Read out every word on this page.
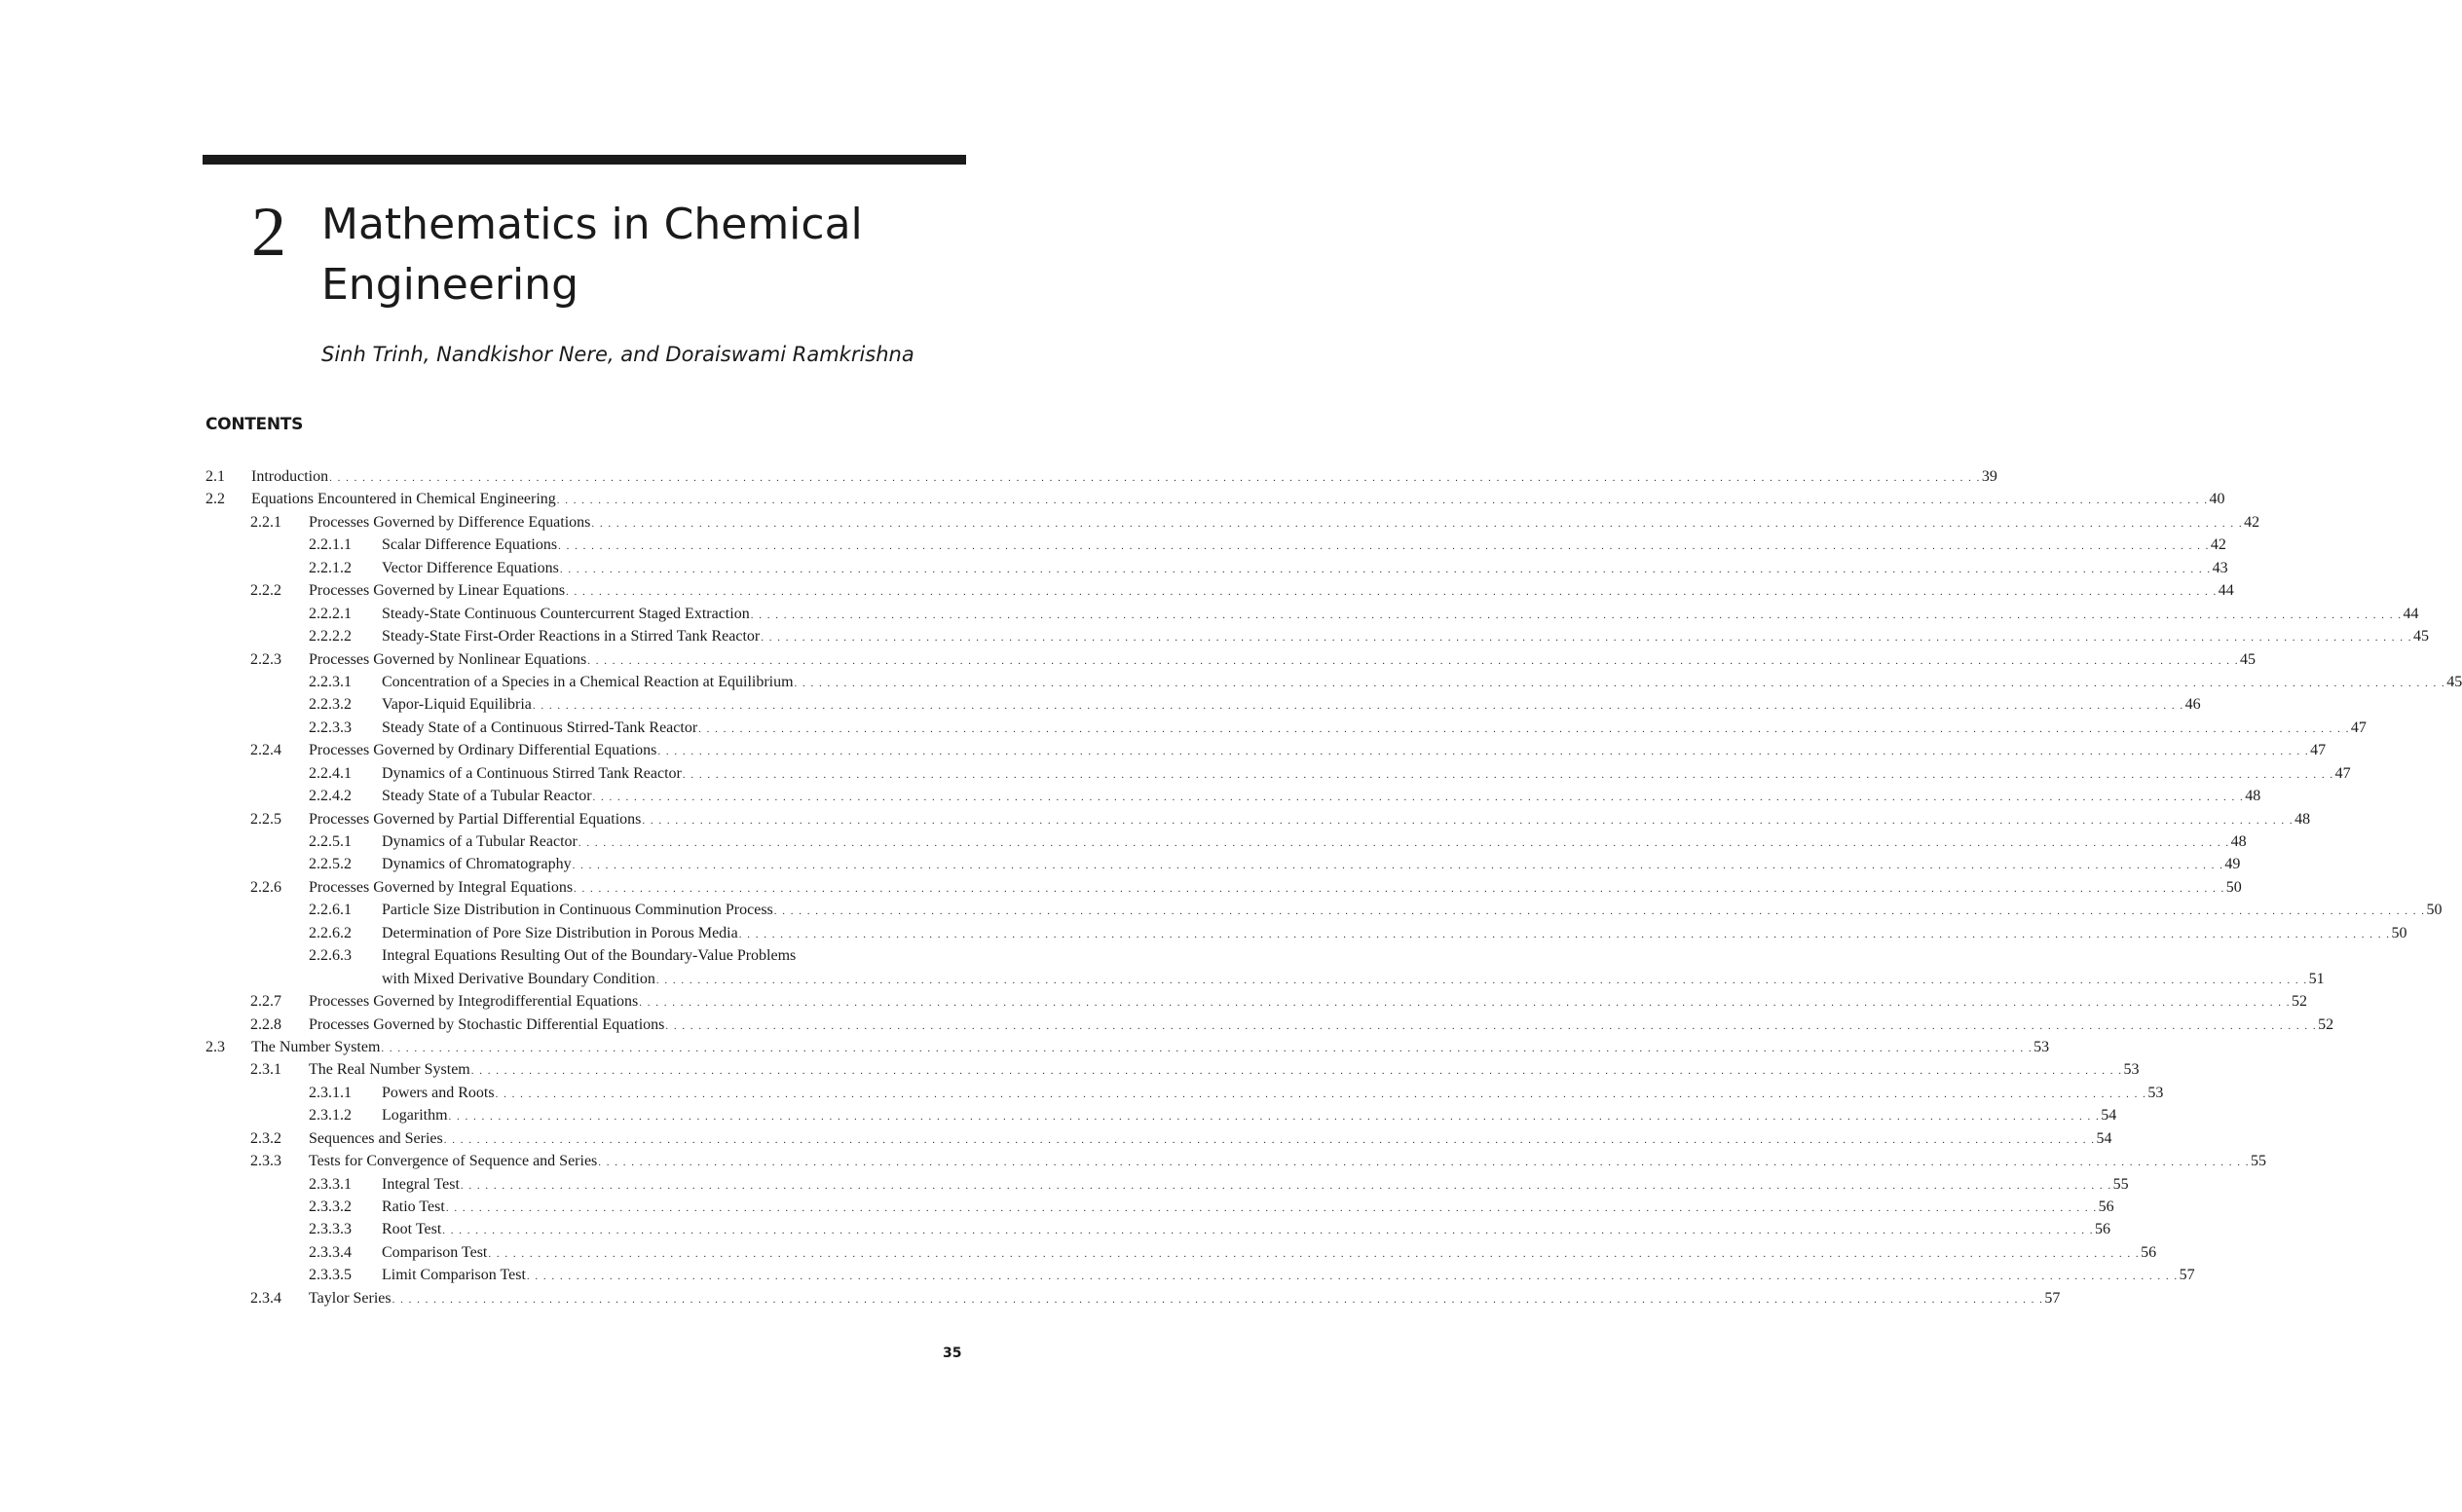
2 Mathematics in Chemical
Engineering
Sinh Trinh, Nandkishor Nere, and Doraiswami Ramkrishna
CONTENTS
2.1 Introduction . . . . . . . . . . . . . . . . . . . . . . . . . . . . . . . . . . . . . . . . . . . . . . . . . . . . . . . . . . . . . . . . . . . . . . . . . . . . . . . . . . . . . . . . . . . . . . . . . . . . . . . . . . . . . . . . . . . . . . . . . . . . . . . . . . . . . . . . . . . . . . . . . . . . . . . . . . . . . . . . . . . . . . . . . . . . . . . . . . . . . . . . . . . . . . . . . . . . . . . . 39
2.2 Equations Encountered in Chemical Engineering . . . . . . . . . . . . . . . . . . . . . . . . . . . . . . . . . . . . . . . . . . . . . . . . . . . . . . . . . . . . . . . . . . . . . . . . . . . . . . . . . . . . . . . . . . . . . . . . . . . . . . . . . . . . . . . . . . . . . . . . . . . . . . . . . . . . . . . . . . . . . . . . . . . . . . . . . . . . . . . . . . . . . . . . . . . . . . . . . . . . . . . . . . . . . . . . . . . . . . . . 40
2.2.1 Processes Governed by Difference Equations . . . . . . . . . . . . . . . . . . . . . . . . . . . . . . . . . . . . . . . . . . . . . . . . . . . . . . . . . . . . . . . . . . . . . . . . . . . . . . . . . . . . . . . . . . . . . . . . . . . . . . . . . . . . . . . . . . . . . . . . . . . . . . . . . . . . . . . . . . . . . . . . . . . . . . . . . . . . . . . . . . . . . . . . . . . . . . . . . . . . . . . . . . . . . . . . . . . . . . . . 42
2.2.1.1 Scalar Difference Equations . . . . . . . . . . . . . . . . . . . . . . . . . . . . . . . . . . . . . . . . . . . . . . . . . . . . . . . . . . . . . . . . . . . . . . . . . . . . . . . . . . . . . . . . . . . . . . . . . . . . . . . . . . . . . . . . . . . . . . . . . . . . . . . . . . . . . . . . . . . . . . . . . . . . . . . . . . . . . . . . . . . . . . . . . . . . . . . . . . . . . . . . . . . . . . . . . . . . . . . . 42
2.2.1.2 Vector Difference Equations . . . . . . . . . . . . . . . . . . . . . . . . . . . . . . . . . . . . . . . . . . . . . . . . . . . . . . . . . . . . . . . . . . . . . . . . . . . . . . . . . . . . . . . . . . . . . . . . . . . . . . . . . . . . . . . . . . . . . . . . . . . . . . . . . . . . . . . . . . . . . . . . . . . . . . . . . . . . . . . . . . . . . . . . . . . . . . . . . . . . . . . . . . . . . . . . . . . . . . . . 43
2.2.2 Processes Governed by Linear Equations . . . . . . . . . . . . . . . . . . . . . . . . . . . . . . . . . . . . . . . . . . . . . . . . . . . . . . . . . . . . . . . . . . . . . . . . . . . . . . . . . . . . . . . . . . . . . . . . . . . . . . . . . . . . . . . . . . . . . . . . . . . . . . . . . . . . . . . . . . . . . . . . . . . . . . . . . . . . . . . . . . . . . . . . . . . . . . . . . . . . . . . . . . . . . . . . . . . . . . . . 44
2.2.2.1 Steady-State Continuous Countercurrent Staged Extraction . . . . . . . . . . . . . . . . . . . . . . . . . . . . . . . . . . . . . . . . . . . . . . . . . . . . . . . . . . . . . . . . . . . . . . . . . . . . . . . . . . . . . . . . . . . . . . . . . . . . . . . . . . . . . . . . . . . . . . . . . . . . . . . . . . . . . . . . . . . . . . . . . . . . . . . . . . . . . . . . . . . . . . . . . . . . . . . . . . . . . . . . . . . . . . . . . . . . . . . . 44
2.2.2.2 Steady-State First-Order Reactions in a Stirred Tank Reactor . . . . . . . . . . . . . . . . . . . . . . . . . . . . . . . . . . . . . . . . . . . . . . . . . . . . . . . . . . . . . . . . . . . . . . . . . . . . . . . . . . . . . . . . . . . . . . . . . . . . . . . . . . . . . . . . . . . . . . . . . . . . . . . . . . . . . . . . . . . . . . . . . . . . . . . . . . . . . . . . . . . . . . . . . . . . . . . . . . . . . . . . . . . . . . . . . . . . . . . . 45
2.2.3 Processes Governed by Nonlinear Equations . . . . . . . . . . . . . . . . . . . . . . . . . . . . . . . . . . . . . . . . . . . . . . . . . . . . . . . . . . . . . . . . . . . . . . . . . . . . . . . . . . . . . . . . . . . . . . . . . . . . . . . . . . . . . . . . . . . . . . . . . . . . . . . . . . . . . . . . . . . . . . . . . . . . . . . . . . . . . . . . . . . . . . . . . . . . . . . . . . . . . . . . . . . . . . . . . . . . . . . . 45
2.2.3.1 Concentration of a Species in a Chemical Reaction at Equilibrium . . . . . . . . . . . . . . . . . . . . . . . . . . . . . . . . . . . . . . . . . . . . . . . . . . . . . . . . . . . . . . . . . . . . . . . . . . . . . . . . . . . . . . . . . . . . . . . . . . . . . . . . . . . . . . . . . . . . . . . . . . . . . . . . . . . . . . . . . . . . . . . . . . . . . . . . . . . . . . . . . . . . . . . . . . . . . . . . . . . . . . . . . . . . . . . . . . . . . . . . 45
2.2.3.2 Vapor-Liquid Equilibria . . . . . . . . . . . . . . . . . . . . . . . . . . . . . . . . . . . . . . . . . . . . . . . . . . . . . . . . . . . . . . . . . . . . . . . . . . . . . . . . . . . . . . . . . . . . . . . . . . . . . . . . . . . . . . . . . . . . . . . . . . . . . . . . . . . . . . . . . . . . . . . . . . . . . . . . . . . . . . . . . . . . . . . . . . . . . . . . . . . . . . . . . . . . . . . . . . . . . . . . 46
2.2.3.3 Steady State of a Continuous Stirred-Tank Reactor . . . . . . . . . . . . . . . . . . . . . . . . . . . . . . . . . . . . . . . . . . . . . . . . . . . . . . . . . . . . . . . . . . . . . . . . . . . . . . . . . . . . . . . . . . . . . . . . . . . . . . . . . . . . . . . . . . . . . . . . . . . . . . . . . . . . . . . . . . . . . . . . . . . . . . . . . . . . . . . . . . . . . . . . . . . . . . . . . . . . . . . . . . . . . . . . . . . . . . . . 47
2.2.4 Processes Governed by Ordinary Differential Equations . . . . . . . . . . . . . . . . . . . . . . . . . . . . . . . . . . . . . . . . . . . . . . . . . . . . . . . . . . . . . . . . . . . . . . . . . . . . . . . . . . . . . . . . . . . . . . . . . . . . . . . . . . . . . . . . . . . . . . . . . . . . . . . . . . . . . . . . . . . . . . . . . . . . . . . . . . . . . . . . . . . . . . . . . . . . . . . . . . . . . . . . . . . . . . . . . . . . . . . . 47
2.2.4.1 Dynamics of a Continuous Stirred Tank Reactor . . . . . . . . . . . . . . . . . . . . . . . . . . . . . . . . . . . . . . . . . . . . . . . . . . . . . . . . . . . . . . . . . . . . . . . . . . . . . . . . . . . . . . . . . . . . . . . . . . . . . . . . . . . . . . . . . . . . . . . . . . . . . . . . . . . . . . . . . . . . . . . . . . . . . . . . . . . . . . . . . . . . . . . . . . . . . . . . . . . . . . . . . . . . . . . . . . . . . . . . 47
2.2.4.2 Steady State of a Tubular Reactor . . . . . . . . . . . . . . . . . . . . . . . . . . . . . . . . . . . . . . . . . . . . . . . . . . . . . . . . . . . . . . . . . . . . . . . . . . . . . . . . . . . . . . . . . . . . . . . . . . . . . . . . . . . . . . . . . . . . . . . . . . . . . . . . . . . . . . . . . . . . . . . . . . . . . . . . . . . . . . . . . . . . . . . . . . . . . . . . . . . . . . . . . . . . . . . . . . . . . . . . 48
2.2.5 Processes Governed by Partial Differential Equations . . . . . . . . . . . . . . . . . . . . . . . . . . . . . . . . . . . . . . . . . . . . . . . . . . . . . . . . . . . . . . . . . . . . . . . . . . . . . . . . . . . . . . . . . . . . . . . . . . . . . . . . . . . . . . . . . . . . . . . . . . . . . . . . . . . . . . . . . . . . . . . . . . . . . . . . . . . . . . . . . . . . . . . . . . . . . . . . . . . . . . . . . . . . . . . . . . . . . . . . 48
2.2.5.1 Dynamics of a Tubular Reactor . . . . . . . . . . . . . . . . . . . . . . . . . . . . . . . . . . . . . . . . . . . . . . . . . . . . . . . . . . . . . . . . . . . . . . . . . . . . . . . . . . . . . . . . . . . . . . . . . . . . . . . . . . . . . . . . . . . . . . . . . . . . . . . . . . . . . . . . . . . . . . . . . . . . . . . . . . . . . . . . . . . . . . . . . . . . . . . . . . . . . . . . . . . . . . . . . . . . . . . . 48
2.2.5.2 Dynamics of Chromatography . . . . . . . . . . . . . . . . . . . . . . . . . . . . . . . . . . . . . . . . . . . . . . . . . . . . . . . . . . . . . . . . . . . . . . . . . . . . . . . . . . . . . . . . . . . . . . . . . . . . . . . . . . . . . . . . . . . . . . . . . . . . . . . . . . . . . . . . . . . . . . . . . . . . . . . . . . . . . . . . . . . . . . . . . . . . . . . . . . . . . . . . . . . . . . . . . . . . . . . . 49
2.2.6 Processes Governed by Integral Equations . . . . . . . . . . . . . . . . . . . . . . . . . . . . . . . . . . . . . . . . . . . . . . . . . . . . . . . . . . . . . . . . . . . . . . . . . . . . . . . . . . . . . . . . . . . . . . . . . . . . . . . . . . . . . . . . . . . . . . . . . . . . . . . . . . . . . . . . . . . . . . . . . . . . . . . . . . . . . . . . . . . . . . . . . . . . . . . . . . . . . . . . . . . . . . . . . . . . . . . . 50
2.2.6.1 Particle Size Distribution in Continuous Comminution Process . . . . . . . . . . . . . . . . . . . . . . . . . . . . . . . . . . . . . . . . . . . . . . . . . . . . . . . . . . . . . . . . . . . . . . . . . . . . . . . . . . . . . . . . . . . . . . . . . . . . . . . . . . . . . . . . . . . . . . . . . . . . . . . . . . . . . . . . . . . . . . . . . . . . . . . . . . . . . . . . . . . . . . . . . . . . . . . . . . . . . . . . . . . . . . . . . . . . . . . . 50
2.2.6.2 Determination of Pore Size Distribution in Porous Media . . . . . . . . . . . . . . . . . . . . . . . . . . . . . . . . . . . . . . . . . . . . . . . . . . . . . . . . . . . . . . . . . . . . . . . . . . . . . . . . . . . . . . . . . . . . . . . . . . . . . . . . . . . . . . . . . . . . . . . . . . . . . . . . . . . . . . . . . . . . . . . . . . . . . . . . . . . . . . . . . . . . . . . . . . . . . . . . . . . . . . . . . . . . . . . . . . . . . . . . 50
2.2.6.3 Integral Equations Resulting Out of the Boundary-Value Problems
with Mixed Derivative Boundary Condition . . . . . . . . . . . . . . . . . . . . . . . . . . . . . . . . . . . . . . . . . . . . . . . . . . . . . . . . . . . . . . . . . . . . . . . . . . . . . . . . . . . . . . . . . . . . . . . . . . . . . . . . . . . . . . . . . . . . . . . . . . . . . . . . . . . . . . . . . . . . . . . . . . . . . . . . . . . . . . . . . . . . . . . . . . . . . . . . . . . . . . . . . . . . . . . . . . . . . . . . 51
2.2.7 Processes Governed by Integrodifferential Equations . . . . . . . . . . . . . . . . . . . . . . . . . . . . . . . . . . . . . . . . . . . . . . . . . . . . . . . . . . . . . . . . . . . . . . . . . . . . . . . . . . . . . . . . . . . . . . . . . . . . . . . . . . . . . . . . . . . . . . . . . . . . . . . . . . . . . . . . . . . . . . . . . . . . . . . . . . . . . . . . . . . . . . . . . . . . . . . . . . . . . . . . . . . . . . . . . . . . . . . . 52
2.2.8 Processes Governed by Stochastic Differential Equations . . . . . . . . . . . . . . . . . . . . . . . . . . . . . . . . . . . . . . . . . . . . . . . . . . . . . . . . . . . . . . . . . . . . . . . . . . . . . . . . . . . . . . . . . . . . . . . . . . . . . . . . . . . . . . . . . . . . . . . . . . . . . . . . . . . . . . . . . . . . . . . . . . . . . . . . . . . . . . . . . . . . . . . . . . . . . . . . . . . . . . . . . . . . . . . . . . . . . . . . 52
2.3 The Number System . . . . . . . . . . . . . . . . . . . . . . . . . . . . . . . . . . . . . . . . . . . . . . . . . . . . . . . . . . . . . . . . . . . . . . . . . . . . . . . . . . . . . . . . . . . . . . . . . . . . . . . . . . . . . . . . . . . . . . . . . . . . . . . . . . . . . . . . . . . . . . . . . . . . . . . . . . . . . . . . . . . . . . . . . . . . . . . . . . . . . . . . . . . . . . . . . . . . . . . . 53
2.3.1 The Real Number System . . . . . . . . . . . . . . . . . . . . . . . . . . . . . . . . . . . . . . . . . . . . . . . . . . . . . . . . . . . . . . . . . . . . . . . . . . . . . . . . . . . . . . . . . . . . . . . . . . . . . . . . . . . . . . . . . . . . . . . . . . . . . . . . . . . . . . . . . . . . . . . . . . . . . . . . . . . . . . . . . . . . . . . . . . . . . . . . . . . . . . . . . . . . . . . . . . . . . . . . 53
2.3.1.1 Powers and Roots . . . . . . . . . . . . . . . . . . . . . . . . . . . . . . . . . . . . . . . . . . . . . . . . . . . . . . . . . . . . . . . . . . . . . . . . . . . . . . . . . . . . . . . . . . . . . . . . . . . . . . . . . . . . . . . . . . . . . . . . . . . . . . . . . . . . . . . . . . . . . . . . . . . . . . . . . . . . . . . . . . . . . . . . . . . . . . . . . . . . . . . . . . . . . . . . . . . . . . . . 53
2.3.1.2 Logarithm . . . . . . . . . . . . . . . . . . . . . . . . . . . . . . . . . . . . . . . . . . . . . . . . . . . . . . . . . . . . . . . . . . . . . . . . . . . . . . . . . . . . . . . . . . . . . . . . . . . . . . . . . . . . . . . . . . . . . . . . . . . . . . . . . . . . . . . . . . . . . . . . . . . . . . . . . . . . . . . . . . . . . . . . . . . . . . . . . . . . . . . . . . . . . . . . . . . . . . . . 54
2.3.2 Sequences and Series . . . . . . . . . . . . . . . . . . . . . . . . . . . . . . . . . . . . . . . . . . . . . . . . . . . . . . . . . . . . . . . . . . . . . . . . . . . . . . . . . . . . . . . . . . . . . . . . . . . . . . . . . . . . . . . . . . . . . . . . . . . . . . . . . . . . . . . . . . . . . . . . . . . . . . . . . . . . . . . . . . . . . . . . . . . . . . . . . . . . . . . . . . . . . . . . . . . . . . . . 54
2.3.3 Tests for Convergence of Sequence and Series . . . . . . . . . . . . . . . . . . . . . . . . . . . . . . . . . . . . . . . . . . . . . . . . . . . . . . . . . . . . . . . . . . . . . . . . . . . . . . . . . . . . . . . . . . . . . . . . . . . . . . . . . . . . . . . . . . . . . . . . . . . . . . . . . . . . . . . . . . . . . . . . . . . . . . . . . . . . . . . . . . . . . . . . . . . . . . . . . . . . . . . . . . . . . . . . . . . . . . . . 55
2.3.3.1 Integral Test . . . . . . . . . . . . . . . . . . . . . . . . . . . . . . . . . . . . . . . . . . . . . . . . . . . . . . . . . . . . . . . . . . . . . . . . . . . . . . . . . . . . . . . . . . . . . . . . . . . . . . . . . . . . . . . . . . . . . . . . . . . . . . . . . . . . . . . . . . . . . . . . . . . . . . . . . . . . . . . . . . . . . . . . . . . . . . . . . . . . . . . . . . . . . . . . . . . . . . . . 55
2.3.3.2 Ratio Test . . . . . . . . . . . . . . . . . . . . . . . . . . . . . . . . . . . . . . . . . . . . . . . . . . . . . . . . . . . . . . . . . . . . . . . . . . . . . . . . . . . . . . . . . . . . . . . . . . . . . . . . . . . . . . . . . . . . . . . . . . . . . . . . . . . . . . . . . . . . . . . . . . . . . . . . . . . . . . . . . . . . . . . . . . . . . . . . . . . . . . . . . . . . . . . . . . . . . . . . 56
2.3.3.3 Root Test . . . . . . . . . . . . . . . . . . . . . . . . . . . . . . . . . . . . . . . . . . . . . . . . . . . . . . . . . . . . . . . . . . . . . . . . . . . . . . . . . . . . . . . . . . . . . . . . . . . . . . . . . . . . . . . . . . . . . . . . . . . . . . . . . . . . . . . . . . . . . . . . . . . . . . . . . . . . . . . . . . . . . . . . . . . . . . . . . . . . . . . . . . . . . . . . . . . . . . . . 56
2.3.3.4 Comparison Test . . . . . . . . . . . . . . . . . . . . . . . . . . . . . . . . . . . . . . . . . . . . . . . . . . . . . . . . . . . . . . . . . . . . . . . . . . . . . . . . . . . . . . . . . . . . . . . . . . . . . . . . . . . . . . . . . . . . . . . . . . . . . . . . . . . . . . . . . . . . . . . . . . . . . . . . . . . . . . . . . . . . . . . . . . . . . . . . . . . . . . . . . . . . . . . . . . . . . . . . 56
2.3.3.5 Limit Comparison Test . . . . . . . . . . . . . . . . . . . . . . . . . . . . . . . . . . . . . . . . . . . . . . . . . . . . . . . . . . . . . . . . . . . . . . . . . . . . . . . . . . . . . . . . . . . . . . . . . . . . . . . . . . . . . . . . . . . . . . . . . . . . . . . . . . . . . . . . . . . . . . . . . . . . . . . . . . . . . . . . . . . . . . . . . . . . . . . . . . . . . . . . . . . . . . . . . . . . . . . . 57
2.3.4 Taylor Series . . . . . . . . . . . . . . . . . . . . . . . . . . . . . . . . . . . . . . . . . . . . . . . . . . . . . . . . . . . . . . . . . . . . . . . . . . . . . . . . . . . . . . . . . . . . . . . . . . . . . . . . . . . . . . . . . . . . . . . . . . . . . . . . . . . . . . . . . . . . . . . . . . . . . . . . . . . . . . . . . . . . . . . . . . . . . . . . . . . . . . . . . . . . . . . . . . . . . . . . 57
35
